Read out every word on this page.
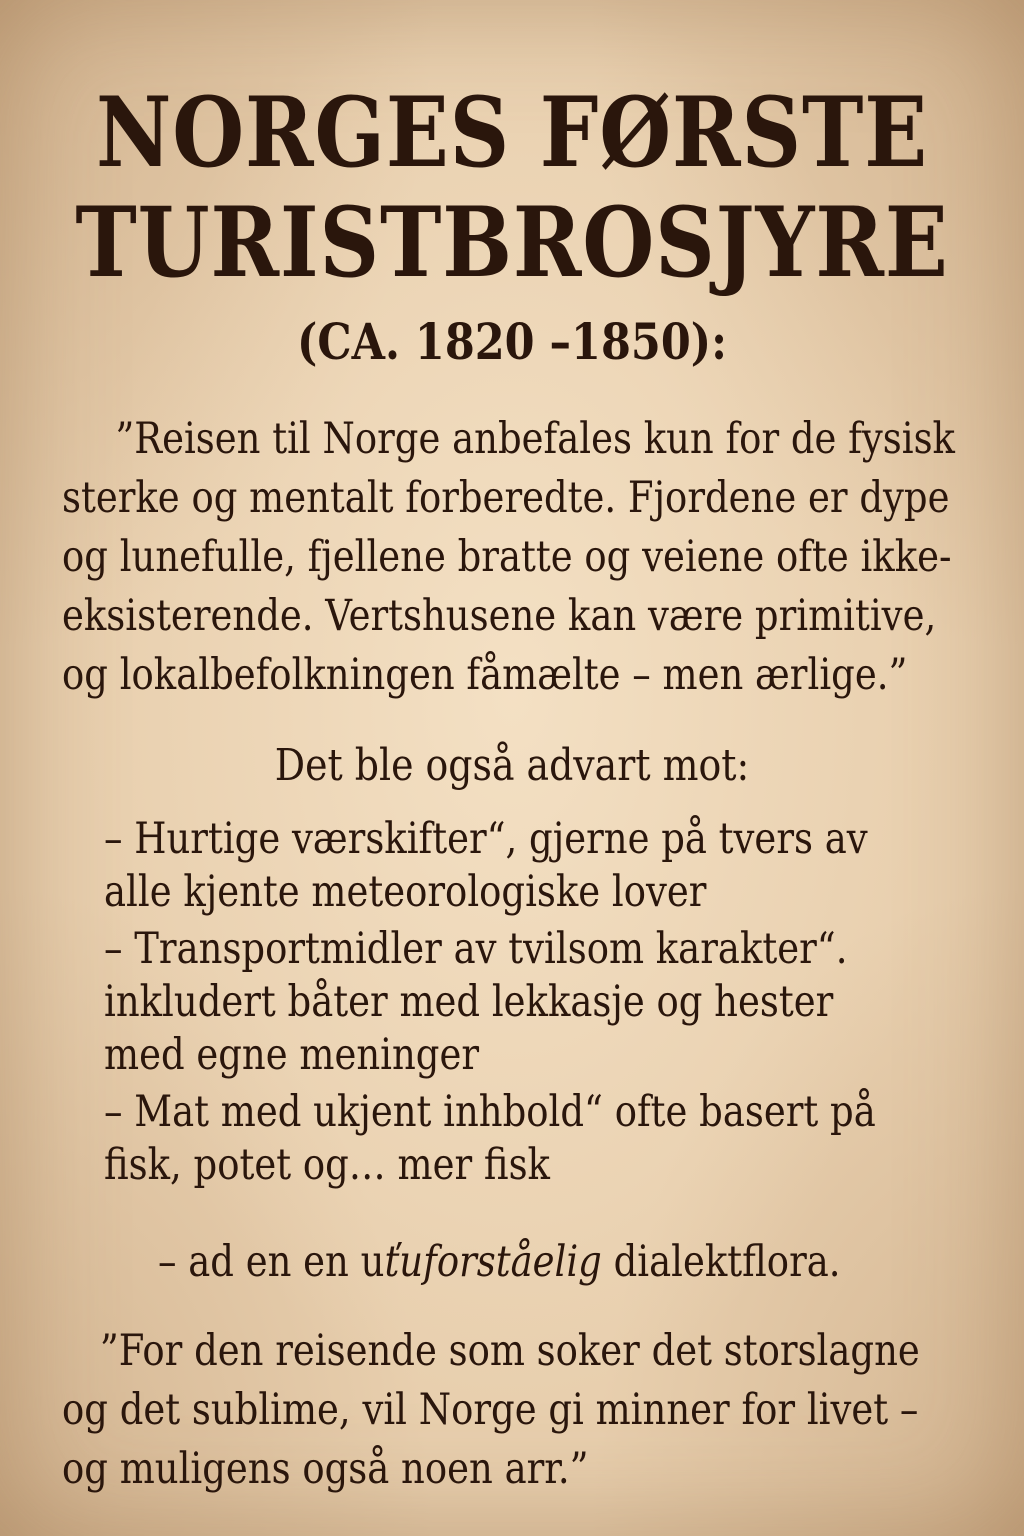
NORGES FØRSTE
TURISTBROSJYRE
(CA. 1820 –1850):
”Reisen til Norge anbefales kun for de fysisk sterke og mentalt forberedte. Fjordene er dype og lunefulle, fjellene bratte og veiene ofte ikke-eksisterende. Vertshusene kan være primitive, og lokalbefolkningen fåmælte – men ærlige.”
Det ble også advart mot:
– Hurtige værskifter“, gjerne på tvers av alle kjente meteorologiske lover
– Transportmidler av tvilsom karakter“. inkludert båter med lekkasje og hester med egne meninger
– Mat med ukjent inhbold“ ofte basert på fisk, potet og… mer fisk
– ad en en uťuforståelig dialektflora.
”For den reisende som soker det storslagne og det sublime, vil Norge gi minner for livet – og muligens også noen arr.”
